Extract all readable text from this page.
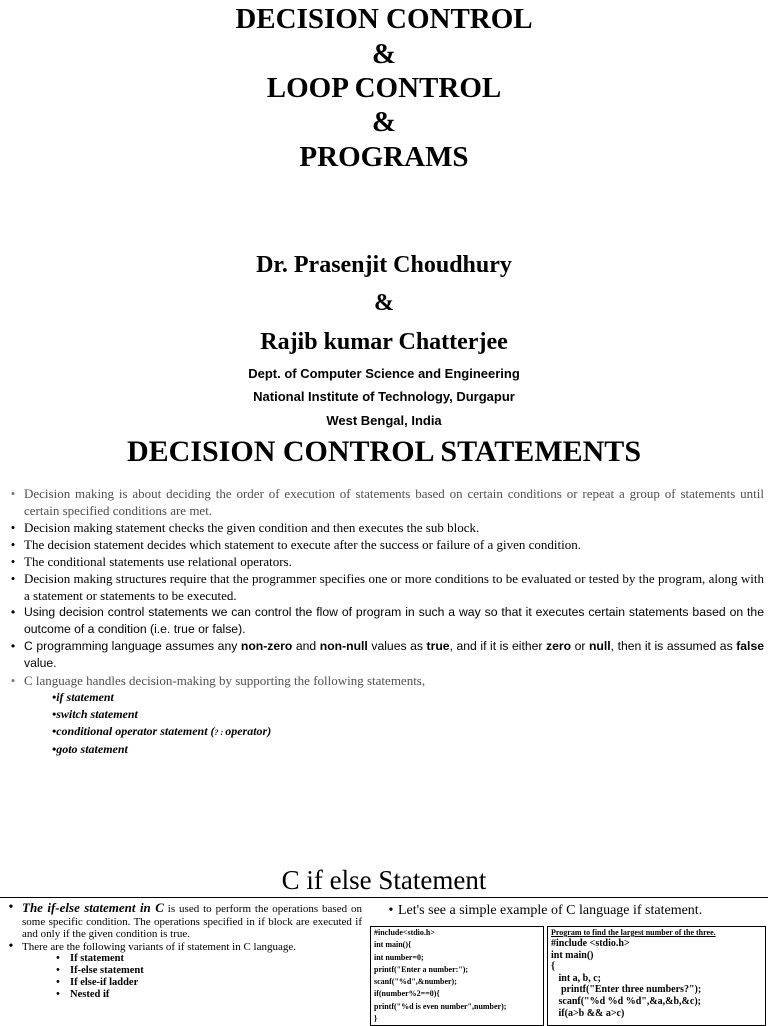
DECISION CONTROL
&
LOOP CONTROL
&
PROGRAMS
Dr. Prasenjit Choudhury
&
Rajib kumar Chatterjee
Dept. of Computer Science and Engineering
National Institute of Technology, Durgapur
West Bengal, India
DECISION CONTROL STATEMENTS
• Decision making is about deciding the order of execution of statements based on certain conditions or repeat a group of statements until certain specified conditions are met.
• Decision making statement checks the given condition and then executes the sub block.
• The decision statement decides which statement to execute after the success or failure of a given condition.
• The conditional statements use relational operators.
• Decision making structures require that the programmer specifies one or more conditions to be evaluated or tested by the program, along with a statement or statements to be executed.
• Using decision control statements we can control the flow of program in such a way so that it executes certain statements based on the outcome of a condition (i.e. true or false).
• C programming language assumes any non-zero and non-null values as true, and if it is either zero or null, then it is assumed as false value.
• C language handles decision-making by supporting the following statements,
•if statement
•switch statement
•conditional operator statement (? : operator)
•goto statement
C if else Statement
• The if-else statement in C is used to perform the operations based on some specific condition. The operations specified in if block are executed if and only if the given condition is true.
• There are the following variants of if statement in C language.
• If statement
• If-else statement
• If else-if ladder
• Nested if
• Let's see a simple example of C language if statement.
#include<stdio.h>
int main(){
int number=0;
printf("Enter a number:");
scanf("%d",&number);
if(number%2==0){
printf("%d is even number",number);
}
Program to find the largest number of the three.
#include <stdio.h>
int main()
{
int a, b, c;
printf("Enter three numbers?");
scanf("%d %d %d",&a,&b,&c);
if(a>b && a>c)
